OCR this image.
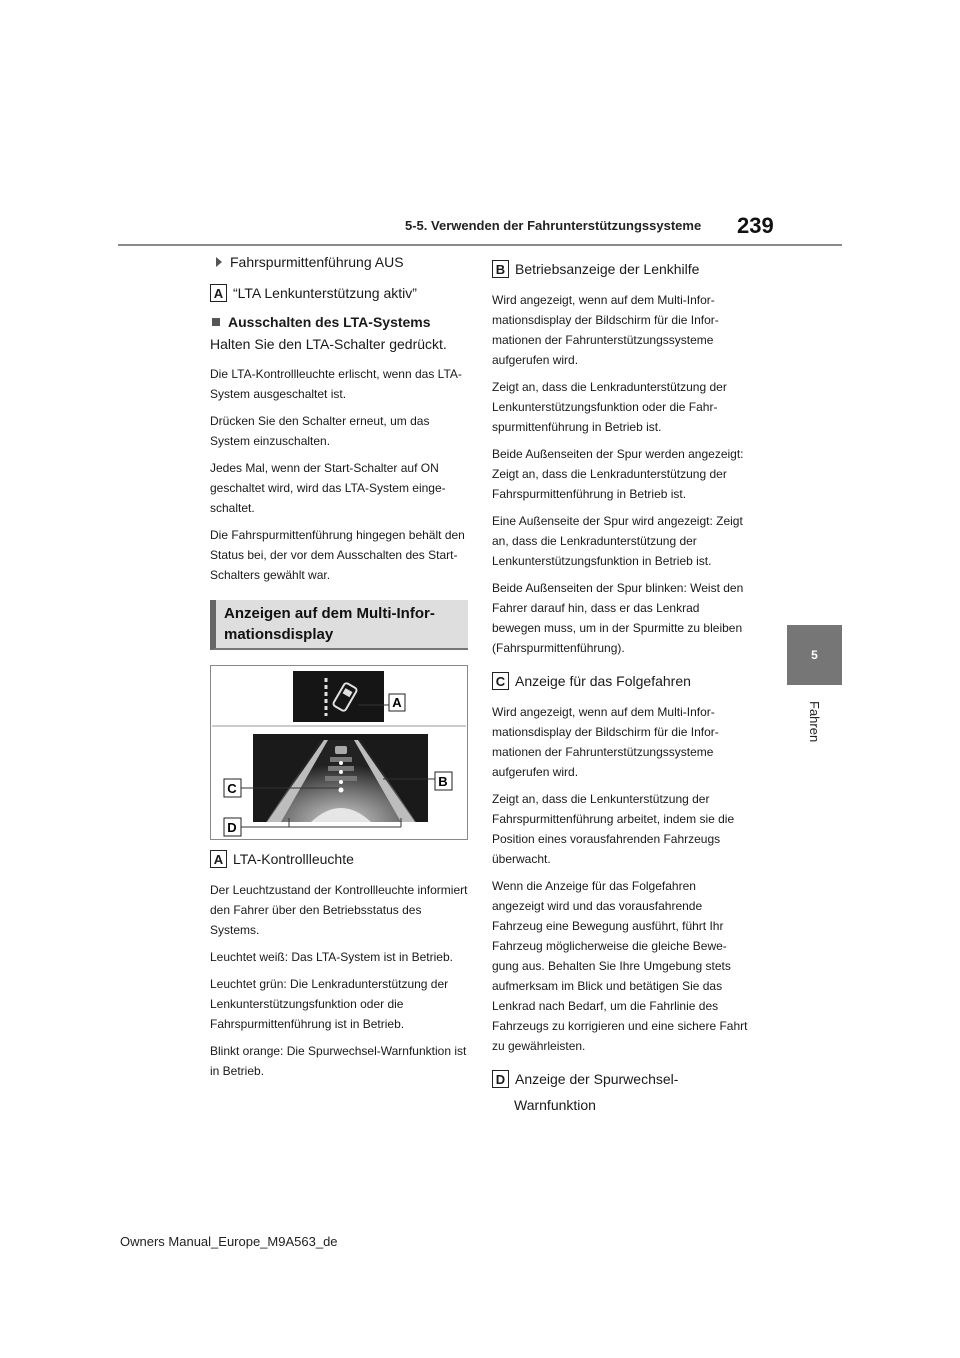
5-5. Verwenden der Fahrunterstützungssysteme 239
5
Fahren
Fahrspurmittenführung AUS
A “LTA Lenkunterstützung aktiv”
Ausschalten des LTA-Systems
Halten Sie den LTA-Schalter gedrückt.

Die LTA-Kontrollleuchte erlischt, wenn das LTA-System ausgeschaltet ist.

Drücken Sie den Schalter erneut, um das System einzuschalten.

Jedes Mal, wenn der Start-Schalter auf ON geschaltet wird, wird das LTA-System eingeschaltet.

Die Fahrspurmittenführung hingegen behält den Status bei, der vor dem Ausschalten des Start-Schalters gewählt war.

A LTA-Kontrollleuchte

Der Leuchtzustand der Kontrollleuchte informiert den Fahrer über den Betriebsstatus des Systems.

Leuchtet weiß: Das LTA-System ist in Betrieb.

Leuchtet grün: Die Lenkradunterstützung der Lenkunterstützungsfunktion oder die Fahrspurmittenführung ist in Betrieb.

Blinkt orange: Die Spurwechsel-Warnfunktion ist in Betrieb.

Anzeigen auf dem Multi-Infor-
mationsdisplay
A
B
C
D
B Betriebsanzeige der Lenkhilfe

Wird angezeigt, wenn auf dem Multi-Informationsdisplay der Bildschirm für die Informationen der Fahrunterstützungssysteme aufgerufen wird.

Zeigt an, dass die Lenkradunterstützung der Lenkunterstützungsfunktion oder die Fahrspurmittenführung in Betrieb ist.

Beide Außenseiten der Spur werden angezeigt: Zeigt an, dass die Lenkradunterstützung der Fahrspurmittenführung in Betrieb ist.

Eine Außenseite der Spur wird angezeigt: Zeigt an, dass die Lenkradunterstützung der Lenkunterstützungsfunktion in Betrieb ist.

Beide Außenseiten der Spur blinken: Weist den Fahrer darauf hin, dass er das Lenkrad bewegen muss, um in der Spurmitte zu bleiben (Fahrspurmittenführung).

C Anzeige für das Folgefahren

Wird angezeigt, wenn auf dem Multi-Informationsdisplay der Bildschirm für die Informationen der Fahrunterstützungssysteme aufgerufen wird.

Zeigt an, dass die Lenkunterstützung der Fahrspurmittenführung arbeitet, indem sie die Position eines vorausfahrenden Fahrzeugs überwacht.

Wenn die Anzeige für das Folgefahren angezeigt wird und das vorausfahrende Fahrzeug eine Bewegung ausführt, führt Ihr Fahrzeug möglicherweise die gleiche Bewegung aus. Behalten Sie Ihre Umgebung stets aufmerksam im Blick und betätigen Sie das Lenkrad nach Bedarf, um die Fahrlinie des Fahrzeugs zu korrigieren und eine sichere Fahrt zu gewährleisten.

D Anzeige der Spurwechsel-
Warnfunktion
Owners Manual_Europe_M9A563_de
